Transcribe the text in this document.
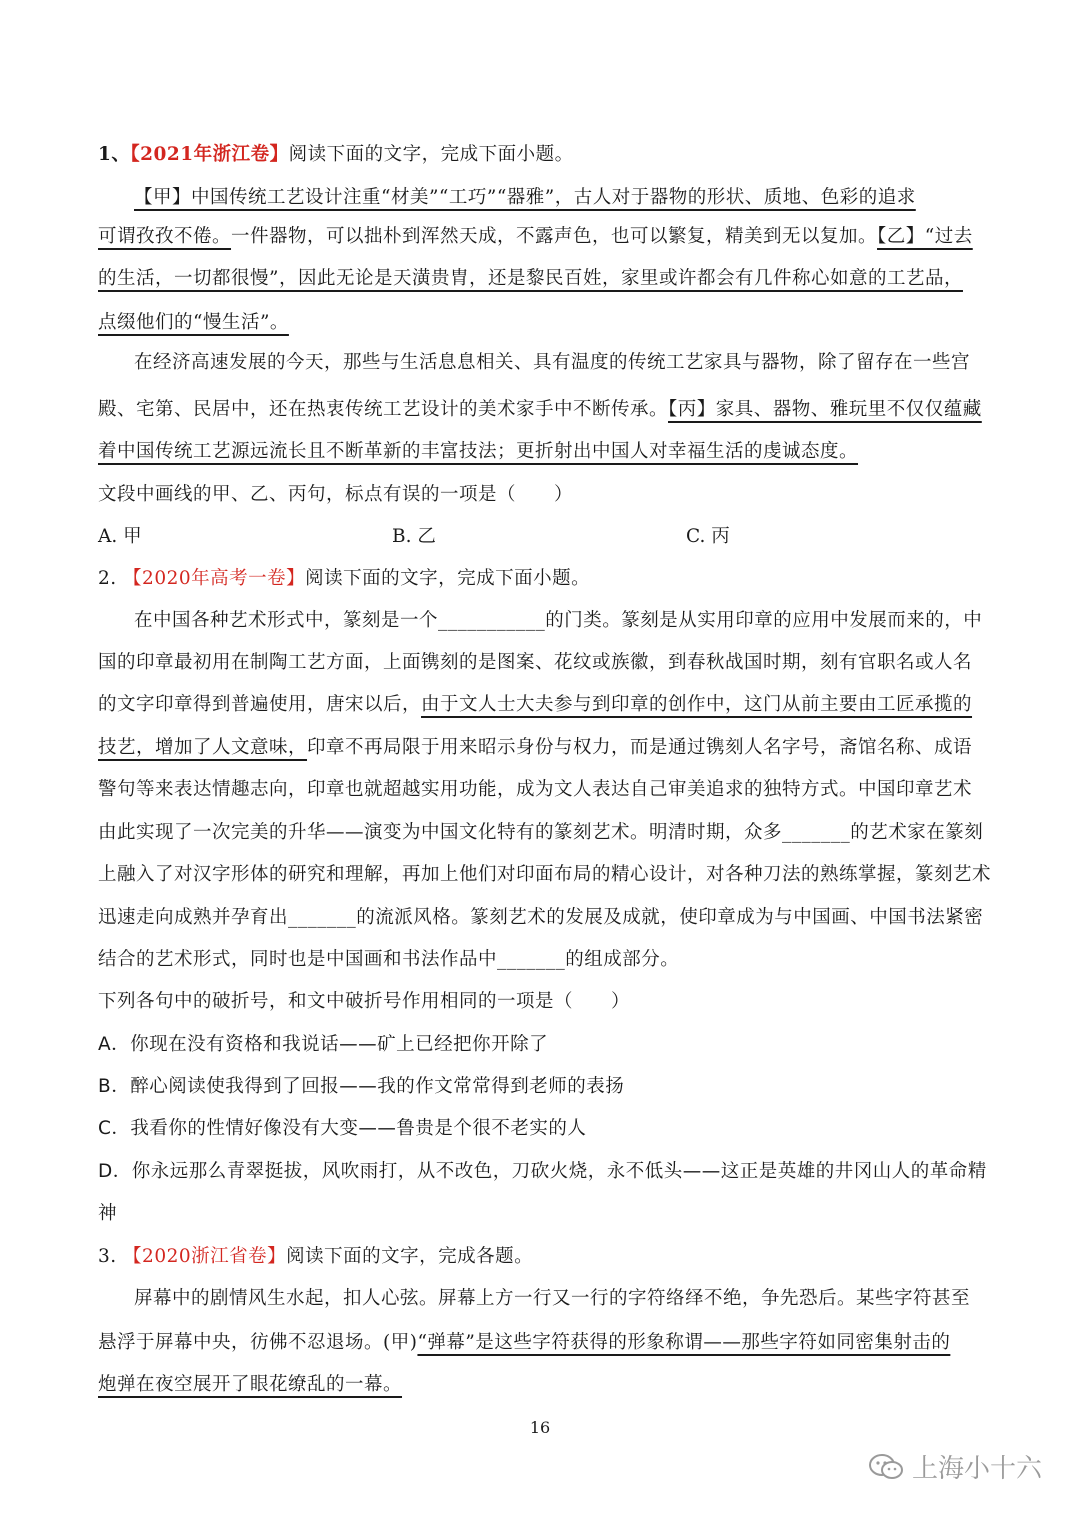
1、【2021年浙江卷】阅读下面的文字，完成下面小题。
【甲】中国传统工艺设计注重“材美”“工巧”“器雅”，古人对于器物的形状、质地、色彩的追求
可谓孜孜不倦。一件器物，可以拙朴到浑然天成，不露声色，也可以繁复，精美到无以复加。【乙】“过去
的生活，一切都很慢”，因此无论是天潢贵胄，还是黎民百姓，家里或许都会有几件称心如意的工艺品，
点缀他们的“慢生活”。
在经济高速发展的今天，那些与生活息息相关、具有温度的传统工艺家具与器物，除了留存在一些宫
殿、宅第、民居中，还在热衷传统工艺设计的美术家手中不断传承。【丙】家具、器物、雅玩里不仅仅蕴藏
着中国传统工艺源远流长且不断革新的丰富技法；更折射出中国人对幸福生活的虔诚态度。
文段中画线的甲、乙、丙句，标点有误的一项是（　　）
A. 甲	B. 乙	C. 丙
2. 【2020年高考一卷】阅读下面的文字，完成下面小题。
在中国各种艺术形式中，篆刻是一个___________的门类。篆刻是从实用印章的应用中发展而来的，中
国的印章最初用在制陶工艺方面，上面镌刻的是图案、花纹或族徽，到春秋战国时期，刻有官职名或人名
的文字印章得到普遍使用，唐宋以后，由于文人士大夫参与到印章的创作中，这门从前主要由工匠承揽的
技艺，增加了人文意味，印章不再局限于用来昭示身份与权力，而是通过镌刻人名字号，斋馆名称、成语
警句等来表达情趣志向，印章也就超越实用功能，成为文人表达自己审美追求的独特方式。中国印章艺术
由此实现了一次完美的升华——演变为中国文化特有的篆刻艺术。明清时期，众多_______的艺术家在篆刻
上融入了对汉字形体的研究和理解，再加上他们对印面布局的精心设计，对各种刀法的熟练掌握，篆刻艺术
迅速走向成熟并孕育出_______的流派风格。篆刻艺术的发展及成就，使印章成为与中国画、中国书法紧密
结合的艺术形式，同时也是中国画和书法作品中_______的组成部分。
下列各句中的破折号，和文中破折号作用相同的一项是（　　）
A．你现在没有资格和我说话——矿上已经把你开除了
B．醉心阅读使我得到了回报——我的作文常常得到老师的表扬
C．我看你的性情好像没有大变——鲁贵是个很不老实的人
D．你永远那么青翠挺拔，风吹雨打，从不改色，刀砍火烧，永不低头——这正是英雄的井冈山人的革命精
神
3. 【2020浙江省卷】阅读下面的文字，完成各题。
屏幕中的剧情风生水起，扣人心弦。屏幕上方一行又一行的字符络绎不绝，争先恐后。某些字符甚至
悬浮于屏幕中央，彷佛不忍退场。(甲)“弹幕”是这些字符获得的形象称谓——那些字符如同密集射击的
炮弹在夜空展开了眼花缭乱的一幕。
16
上海小十六
